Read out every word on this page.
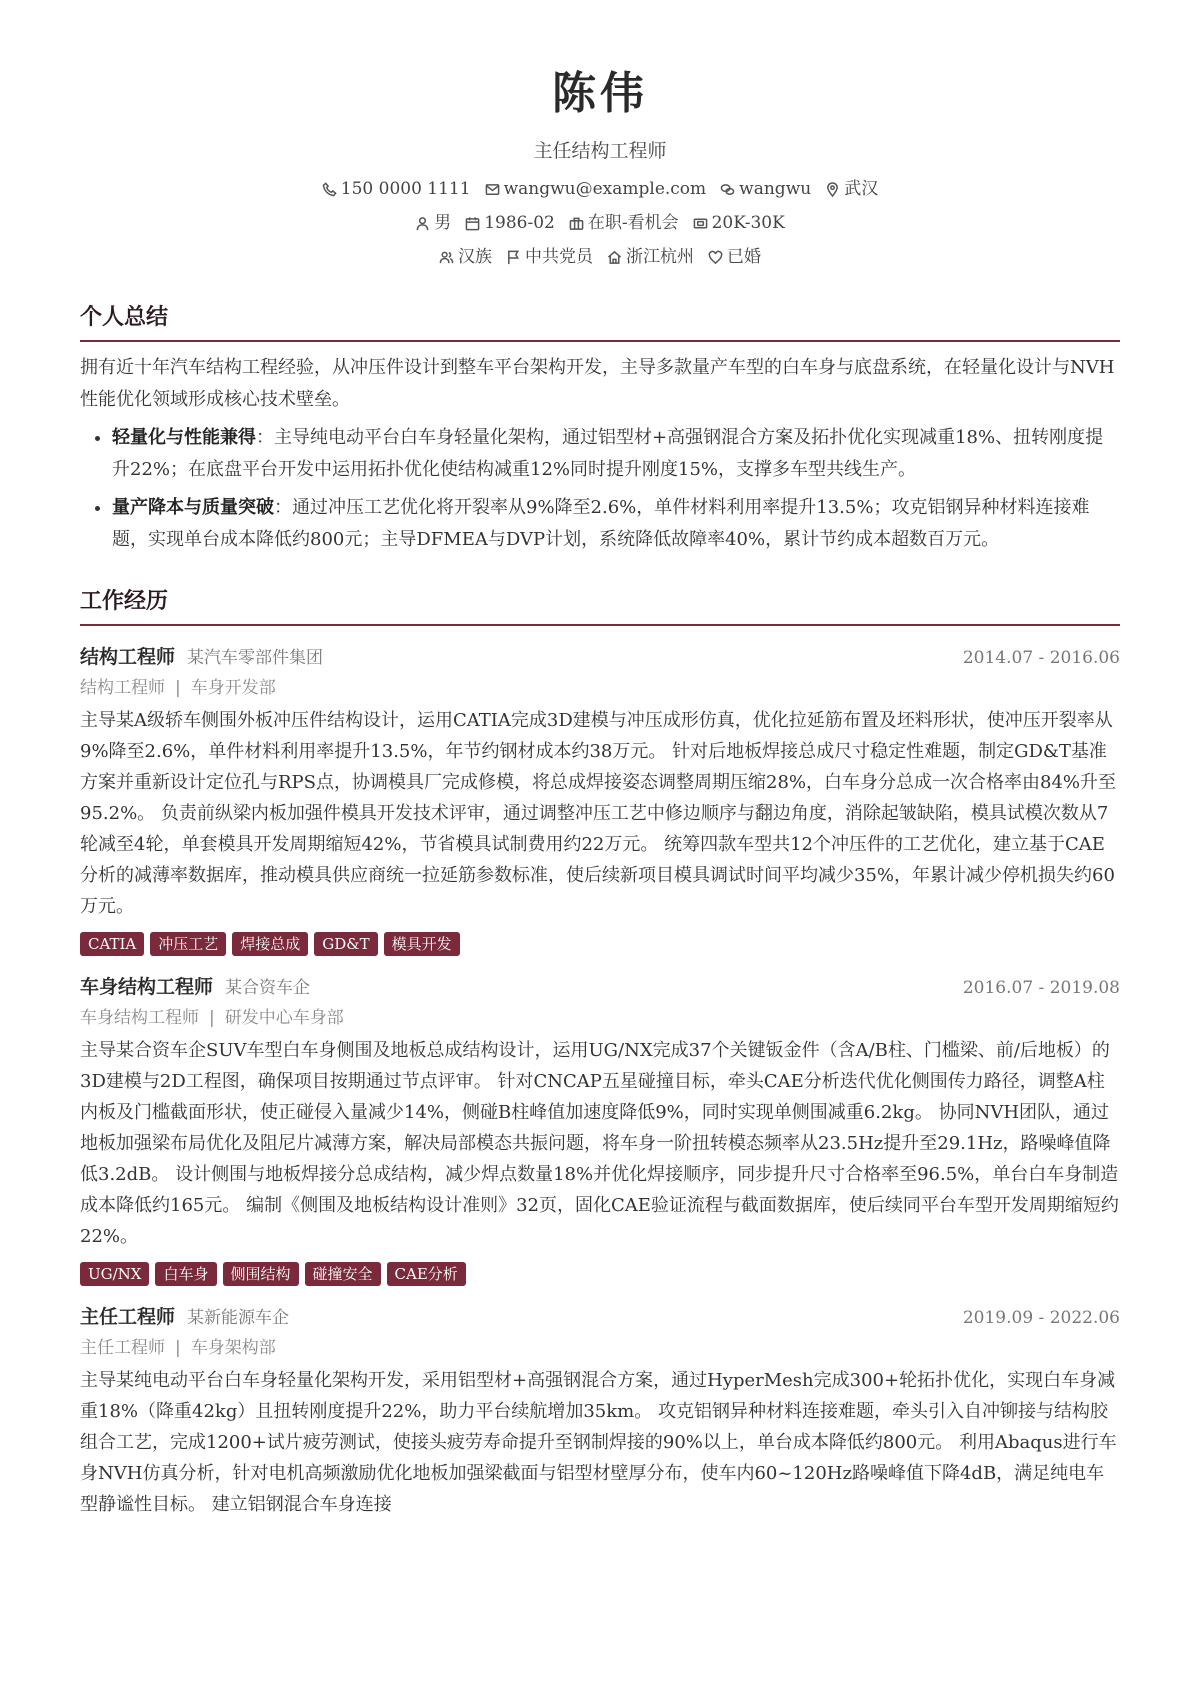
陈伟
主任结构工程师
150 0000 1111 wangwu@example.com wangwu 武汉
男 1986-02 在职-看机会 20K-30K
汉族 中共党员 浙江杭州 已婚
个人总结

拥有近十年汽车结构工程经验，从冲压件设计到整车平台架构开发，主导多款量产车型的白车身与底盘系统，在轻量化设计与NVH性能优化领域形成核心技术壁垒。

• 轻量化与性能兼得：主导纯电动平台白车身轻量化架构，通过铝型材+高强钢混合方案及拓扑优化实现减重18%、扭转刚度提升22%；在底盘平台开发中运用拓扑优化使结构减重12%同时提升刚度15%，支撑多车型共线生产。
• 量产降本与质量突破：通过冲压工艺优化将开裂率从9%降至2.6%，单件材料利用率提升13.5%；攻克铝钢异种材料连接难题，实现单台成本降低约800元；主导DFMEA与DVP计划，系统降低故障率40%，累计节约成本超数百万元。
工作经历
结构工程师 某汽车零部件集团	2014.07 - 2016.06
结构工程师 | 车身开发部
主导某A级轿车侧围外板冲压件结构设计，运用CATIA完成3D建模与冲压成形仿真，优化拉延筋布置及坯料形状，使冲压开裂率从9%降至2.6%，单件材料利用率提升13.5%，年节约钢材成本约38万元。 针对后地板焊接总成尺寸稳定性难题，制定GD&T基准方案并重新设计定位孔与RPS点，协调模具厂完成修模，将总成焊接姿态调整周期压缩28%，白车身分总成一次合格率由84%升至95.2%。 负责前纵梁内板加强件模具开发技术评审，通过调整冲压工艺中修边顺序与翻边角度，消除起皱缺陷，模具试模次数从7轮减至4轮，单套模具开发周期缩短42%，节省模具试制费用约22万元。 统筹四款车型共12个冲压件的工艺优化，建立基于CAE分析的减薄率数据库，推动模具供应商统一拉延筋参数标准，使后续新项目模具调试时间平均减少35%，年累计减少停机损失约60万元。
CATIA	冲压工艺	焊接总成	GD&T	模具开发
车身结构工程师 某合资车企	2016.07 - 2019.08
车身结构工程师 | 研发中心车身部
主导某合资车企SUV车型白车身侧围及地板总成结构设计，运用UG/NX完成37个关键钣金件（含A/B柱、门槛梁、前/后地板）的3D建模与2D工程图，确保项目按期通过节点评审。 针对CNCAP五星碰撞目标，牵头CAE分析迭代优化侧围传力路径，调整A柱内板及门槛截面形状，使正碰侵入量减少14%，侧碰B柱峰值加速度降低9%，同时实现单侧围减重6.2kg。 协同NVH团队，通过地板加强梁布局优化及阻尼片减薄方案，解决局部模态共振问题，将车身一阶扭转模态频率从23.5Hz提升至29.1Hz，路噪峰值降低3.2dB。 设计侧围与地板焊接分总成结构，减少焊点数量18%并优化焊接顺序，同步提升尺寸合格率至96.5%，单台白车身制造成本降低约165元。 编制《侧围及地板结构设计准则》32页，固化CAE验证流程与截面数据库，使后续同平台车型开发周期缩短约22%。
UG/NX	白车身	侧围结构	碰撞安全	CAE分析
主任工程师 某新能源车企	2019.09 - 2022.06
主任工程师 | 车身架构部
主导某纯电动平台白车身轻量化架构开发，采用铝型材+高强钢混合方案，通过HyperMesh完成300+轮拓扑优化，实现白车身减重18%（降重42kg）且扭转刚度提升22%，助力平台续航增加35km。 攻克铝钢异种材料连接难题，牵头引入自冲铆接与结构胶组合工艺，完成1200+试片疲劳测试，使接头疲劳寿命提升至钢制焊接的90%以上，单台成本降低约800元。 利用Abaqus进行车身NVH仿真分析，针对电机高频激励优化地板加强梁截面与铝型材壁厚分布，使车内60~120Hz路噪峰值下降4dB，满足纯电车型静谧性目标。 建立铝钢混合车身连接
